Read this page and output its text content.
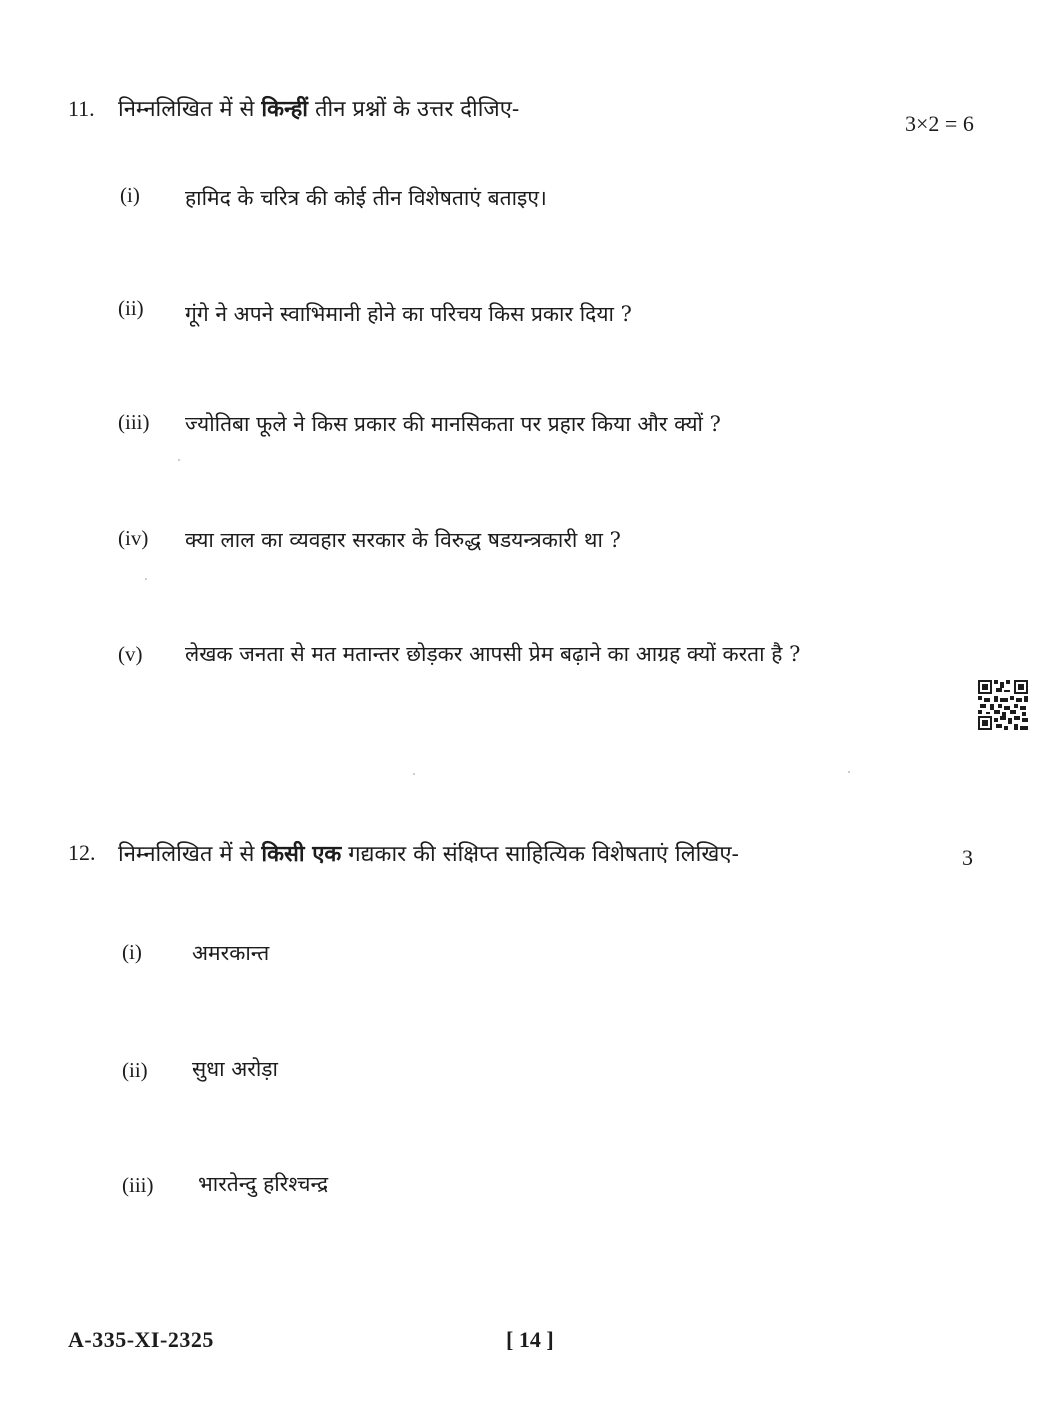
11. निम्नलिखित में से किन्हीं तीन प्रश्नों के उत्तर दीजिए-
3×2 = 6
(i) हामिद के चरित्र की कोई तीन विशेषताएं बताइए।
(ii) गूंगे ने अपने स्वाभिमानी होने का परिचय किस प्रकार दिया ?
(iii) ज्योतिबा फूले ने किस प्रकार की मानसिकता पर प्रहार किया और क्यों ?
(iv) क्या लाल का व्यवहार सरकार के विरुद्ध षडयन्त्रकारी था ?
(v) लेखक जनता से मत मतान्तर छोड़कर आपसी प्रेम बढ़ाने का आग्रह क्यों करता है ?
12. निम्नलिखित में से किसी एक गद्यकार की संक्षिप्त साहित्यिक विशेषताएं लिखिए-	3
(i) अमरकान्त
(ii) सुधा अरोड़ा
(iii) भारतेन्दु हरिश्चन्द्र
A-335-XI-2325	[ 14 ]
